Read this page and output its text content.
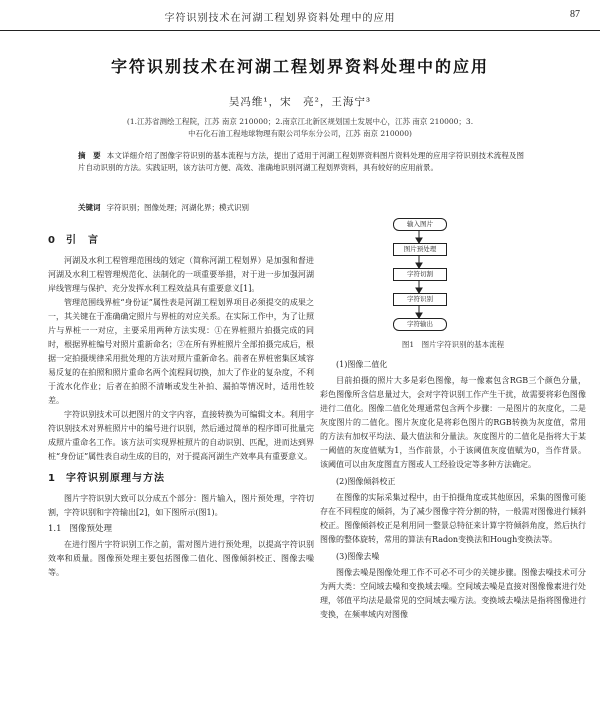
字符识别技术在河湖工程划界资料处理中的应用	87
字符识别技术在河湖工程划界资料处理中的应用
吴冯维¹，宋　亮²，王海宁³
(1.江苏省测绘工程院，江苏 南京 210000；2.南京江北新区规划国土发展中心，江苏 南京 210000；3.
中石化石油工程地球物理有限公司华东分公司，江苏 南京 210000)
摘　要 本文详细介绍了图像字符识别的基本流程与方法，提出了适用于河湖工程划界资料图片资料处理的应用字符识别技术流程及图片自动识别的方法。实践证明，该方法可方便、高效、准确地识别河湖工程划界资料，具有较好的应用前景。
关键词 字符识别；图像处理；河湖化界；模式识别
0 引　言

河湖及水利工程管理范围线的划定（简称河湖工程划界）是加强和督进河湖及水利工程管理规范化、法制化的一项重要举措，对于进一步加强河湖岸线管理与保护、充分发挥水利工程效益具有重要意义[1]。

管理范围线界桩“身份证”属性表是河湖工程划界项目必须提交的成果之一，其关键在于准确确定照片与界桩的对应关系。在实际工作中，为了让照片与界桩一一对应，主要采用两种方法实现：①在界桩照片拍摄完成的同时，根据界桩编号对照片重新命名；②在所有界桩照片全部拍摄完成后，根据一定拍摄规律采用批处理的方法对照片重新命名。前者在界桩密集区域容易反复的在拍照和照片重命名两个流程间切换，加大了作业的复杂度，不利于流水化作业；后者在拍照不清晰或发生补拍、漏拍等情况时，适用性较差。

字符识别技术可以把图片的文字内容，直接转换为可编辑文本。利用字符识别技术对界桩照片中的编号进行识别，然后通过简单的程序即可批量完成照片重命名工作。该方法可实现界桩照片的自动识别、匹配，进而达到界桩“身份证”属性表自动生成的目的，对于提高河湖生产效率具有重要意义。

1 字符识别原理与方法

图片字符识别大致可以分成五个部分：图片输入，图片预处理，字符切割，字符识别和字符输出[2]，如下图所示(图1)。

1.1 图像预处理

在进行图片字符识别工作之前，需对图片进行预处理，以提高字符识别效率和质量。图像预处理主要包括图像二值化、图像倾斜校正、图像去噪等。

输入图片
图片预处理
字符切割
字符识别
字符输出
图1　图片字符识别的基本流程
(1)图像二值化

目前拍摄的照片大多是彩色图像，每一像素包含RGB三个颜色分量，彩色图像所含信息量过大，会对字符识别工作产生干扰，故需要将彩色图像进行二值化。图像二值化处理通常包含两个步骤：一是图片的灰度化，二是灰度图片的二值化。图片灰度化是将彩色图片的RGB转换为灰度值，常用的方法有加权平均法、最大值法和分量法。灰度图片的二值化是指将大于某一阈值的灰度值赋为1，当作前景，小于该阈值灰度值赋为0，当作背景。该阈值可以由灰度图直方图或人工经验设定等多种方法确定。

(2)图像倾斜校正

在图像的实际采集过程中，由于拍摄角度或其他原因，采集的图像可能存在不同程度的倾斜，为了减少图像字符分割的特，一般需对图像进行倾斜校正。图像倾斜校正是利用同一整景总特征来计算字符倾斜角度，然后执行图像的整体旋转，常用的算法有Radon变换法和Hough变换法等。

(3)图像去噪

图像去噪是图像处理工作不可必不可少的关键步骤。图像去噪技术可分为两大类：空间域去噪和变换域去噪。空间域去噪是直接对图像像素进行处理，邻值平均法是最常见的空间域去噪方法。变换域去噪法是指将图像进行变换，在频率域内对图像
